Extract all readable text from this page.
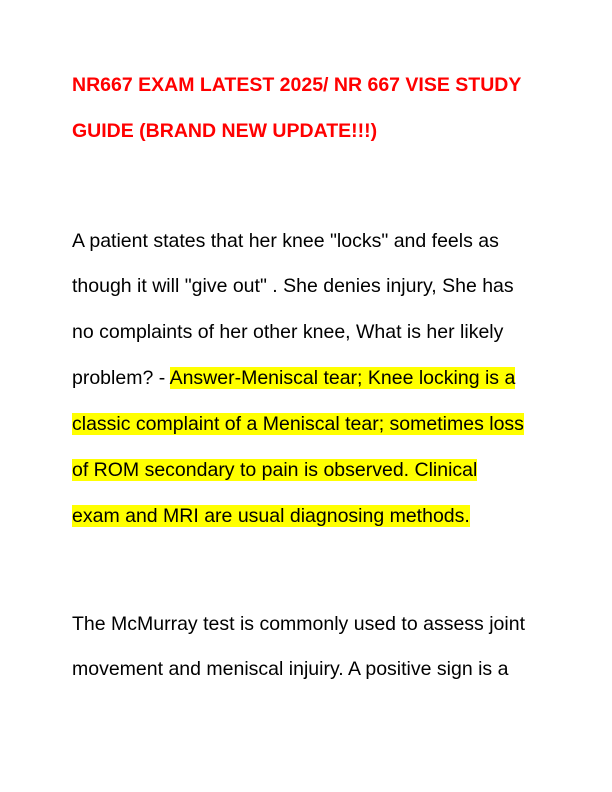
NR667 EXAM LATEST 2025/ NR 667 VISE STUDY
GUIDE (BRAND NEW UPDATE!!!)
A patient states that her knee "locks" and feels as
though it will "give out" . She denies injury, She has
no complaints of her other knee, What is her likely
problem? - Answer-Meniscal tear; Knee locking is a
classic complaint of a Meniscal tear; sometimes loss
of ROM secondary to pain is observed. Clinical
exam and MRI are usual diagnosing methods.
The McMurray test is commonly used to assess joint
movement and meniscal injuiry. A positive sign is a
